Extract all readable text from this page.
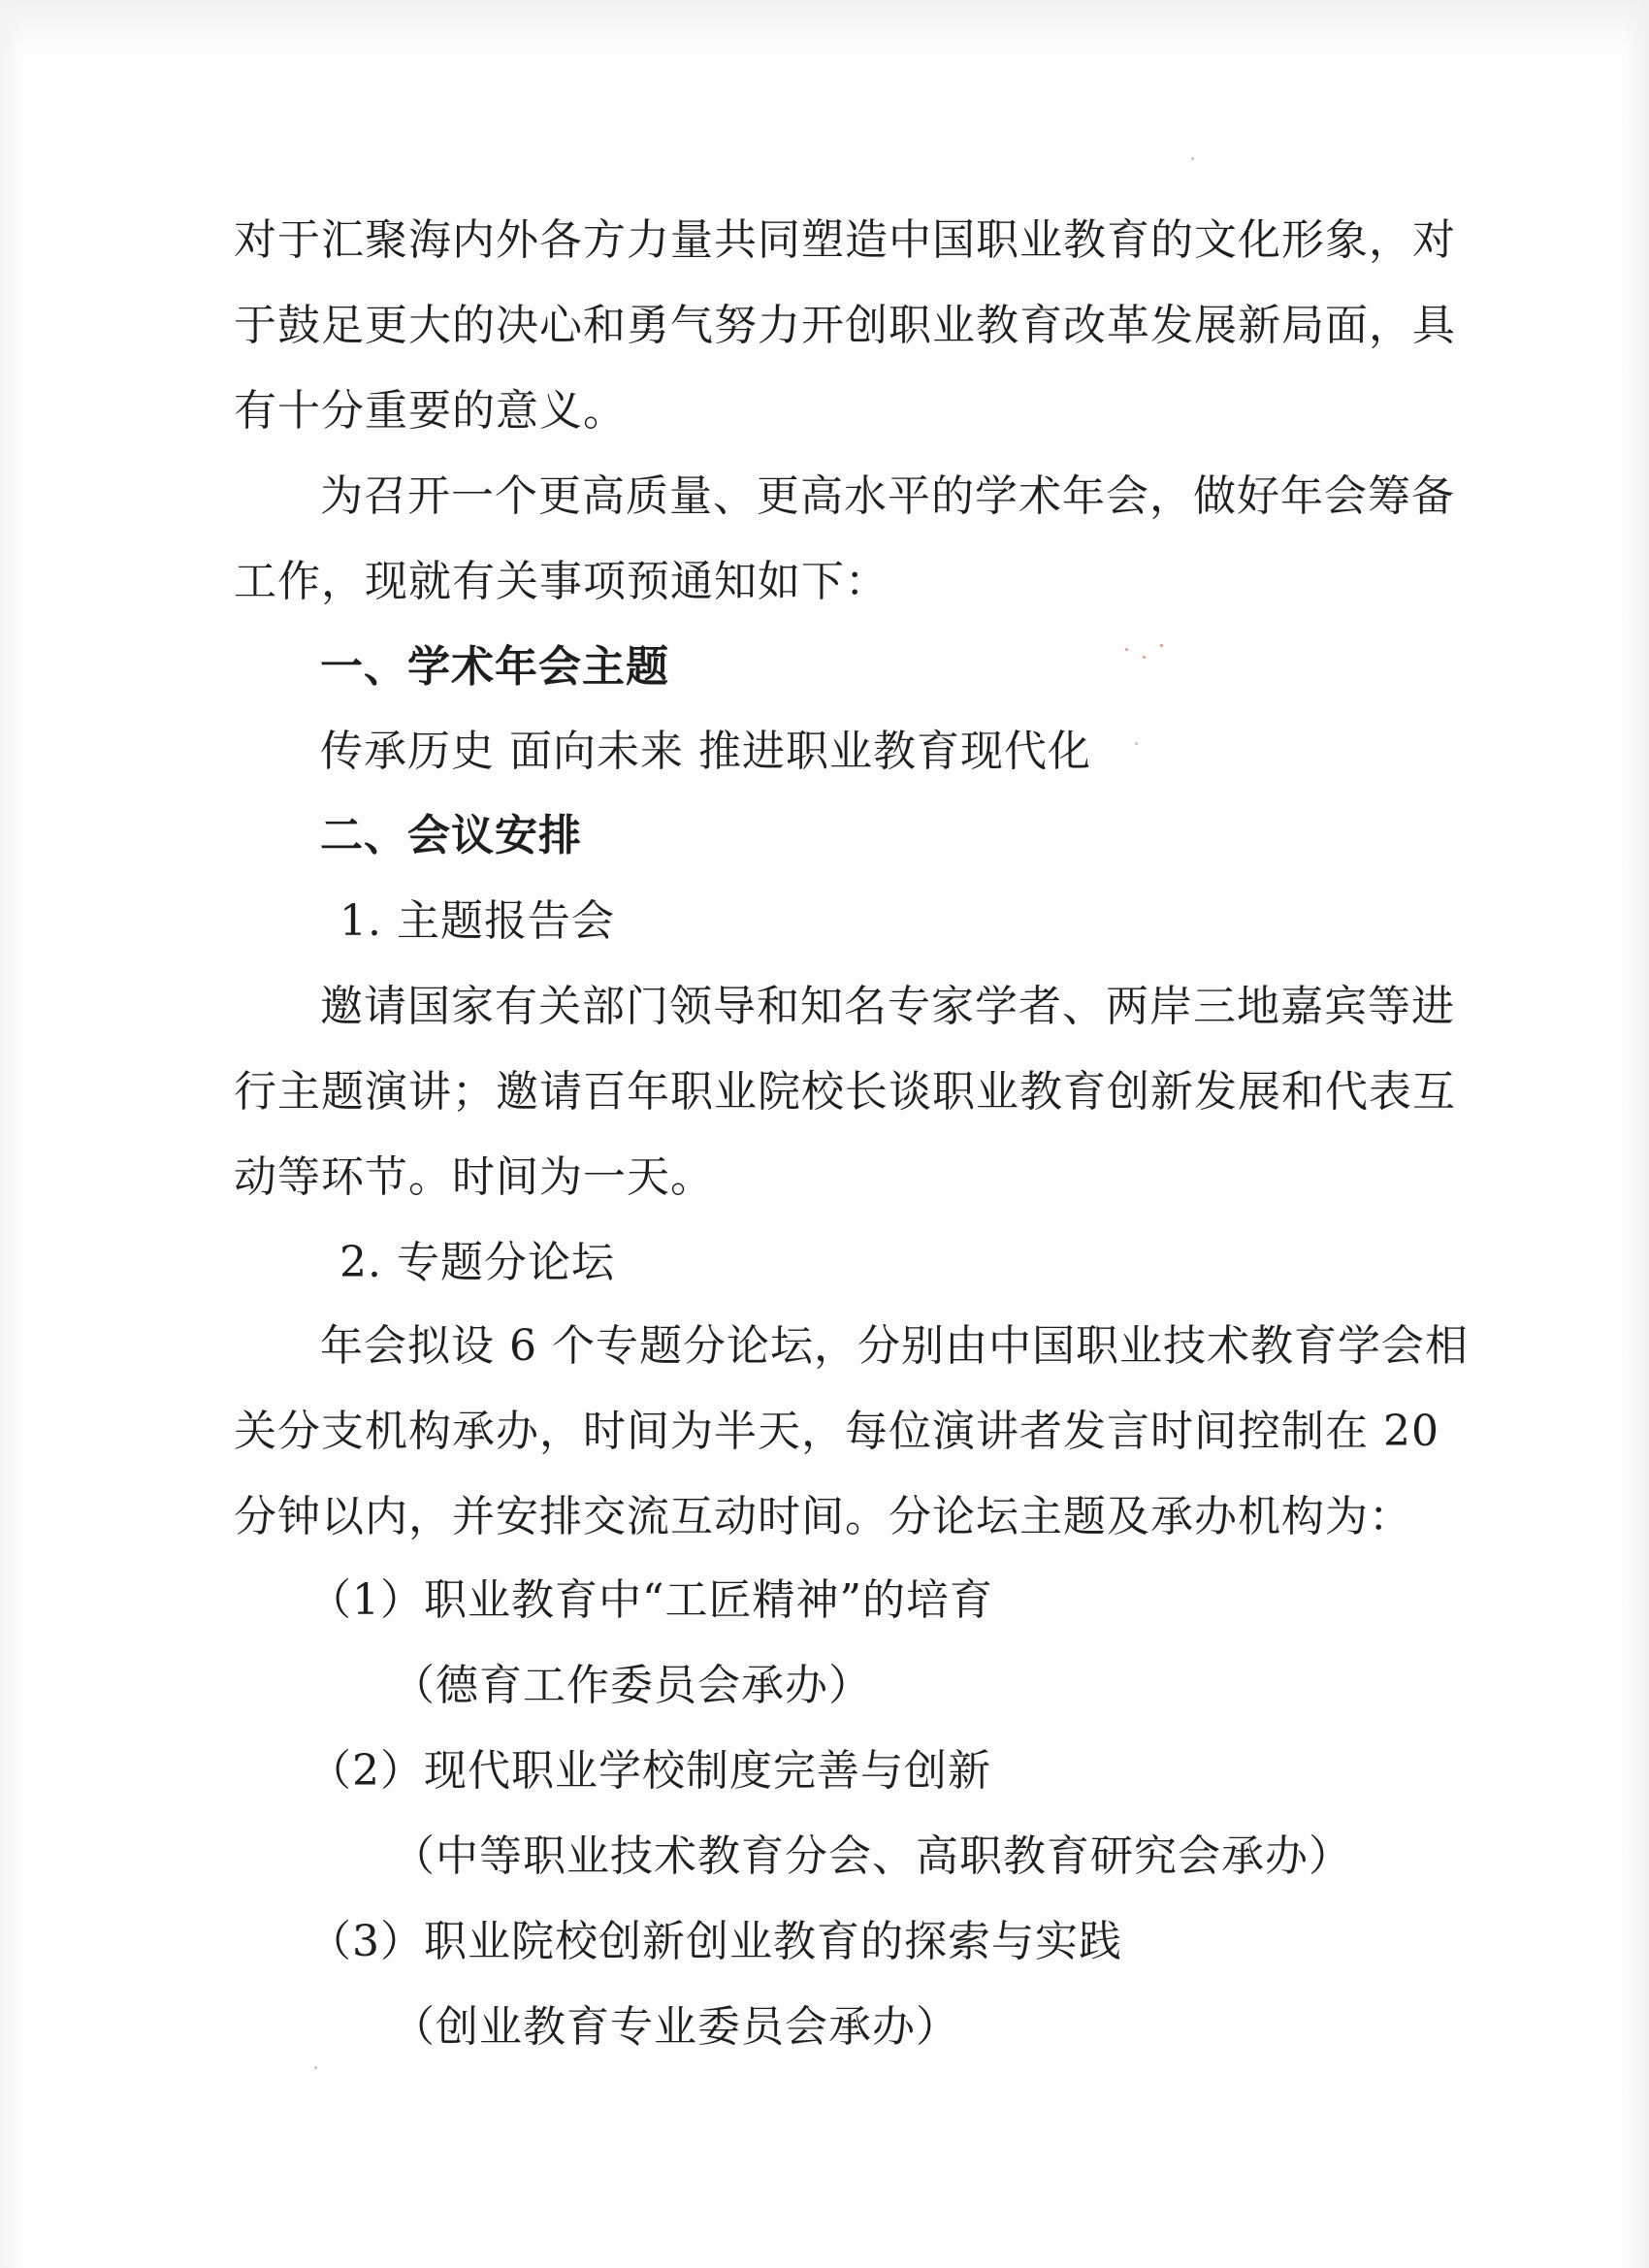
对于汇聚海内外各方力量共同塑造中国职业教育的文化形象，对
于鼓足更大的决心和勇气努力开创职业教育改革发展新局面，具
有十分重要的意义。
为召开一个更高质量、更高水平的学术年会，做好年会筹备
工作，现就有关事项预通知如下：
一、学术年会主题
传承历史 面向未来 推进职业教育现代化
二、会议安排
1. 主题报告会
邀请国家有关部门领导和知名专家学者、两岸三地嘉宾等进
行主题演讲；邀请百年职业院校长谈职业教育创新发展和代表互
动等环节。时间为一天。
2. 专题分论坛
年会拟设 6 个专题分论坛，分别由中国职业技术教育学会相
关分支机构承办，时间为半天，每位演讲者发言时间控制在 20
分钟以内，并安排交流互动时间。分论坛主题及承办机构为：
（1）职业教育中“工匠精神”的培育
（德育工作委员会承办）
（2）现代职业学校制度完善与创新
（中等职业技术教育分会、高职教育研究会承办）
（3）职业院校创新创业教育的探索与实践
（创业教育专业委员会承办）
